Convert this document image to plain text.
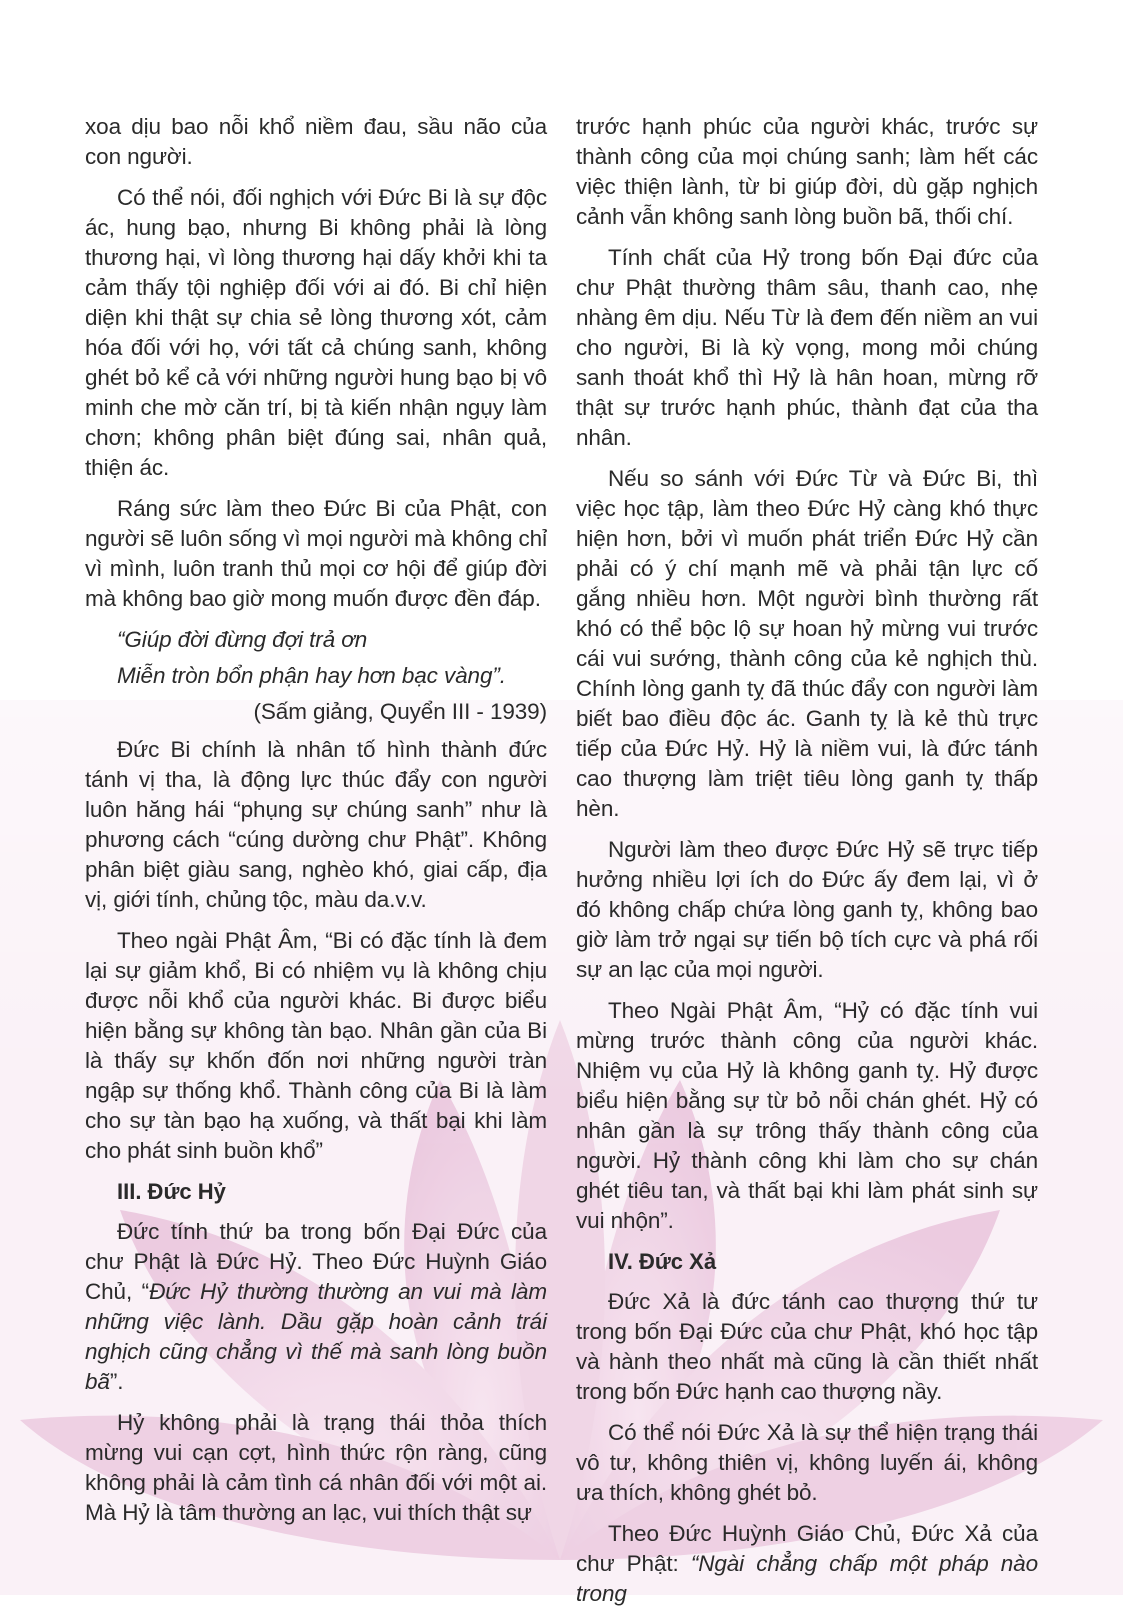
xoa dịu bao nỗi khổ niềm đau, sầu não của con người.

Có thể nói, đối nghịch với Đức Bi là sự độc ác, hung bạo, nhưng Bi không phải là lòng thương hại, vì lòng thương hại dấy khởi khi ta cảm thấy tội nghiệp đối với ai đó. Bi chỉ hiện diện khi thật sự chia sẻ lòng thương xót, cảm hóa đối với họ, với tất cả chúng sanh, không ghét bỏ kể cả với những người hung bạo bị vô minh che mờ căn trí, bị tà kiến nhận ngụy làm chơn; không phân biệt đúng sai, nhân quả, thiện ác.

Ráng sức làm theo Đức Bi của Phật, con người sẽ luôn sống vì mọi người mà không chỉ vì mình, luôn tranh thủ mọi cơ hội để giúp đời mà không bao giờ mong muốn được đền đáp.

“Giúp đời đừng đợi trả ơn

Miễn tròn bổn phận hay hơn bạc vàng”.

(Sấm giảng, Quyển III - 1939)

Đức Bi chính là nhân tố hình thành đức tánh vị tha, là động lực thúc đẩy con người luôn hăng hái “phụng sự chúng sanh” như là phương cách “cúng dường chư Phật”. Không phân biệt giàu sang, nghèo khó, giai cấp, địa vị, giới tính, chủng tộc, màu da.v.v.

Theo ngài Phật Âm, “Bi có đặc tính là đem lại sự giảm khổ, Bi có nhiệm vụ là không chịu được nỗi khổ của người khác. Bi được biểu hiện bằng sự không tàn bạo. Nhân gần của Bi là thấy sự khốn đốn nơi những người tràn ngập sự thống khổ. Thành công của Bi là làm cho sự tàn bạo hạ xuống, và thất bại khi làm cho phát sinh buồn khổ”

III. Đức Hỷ

Đức tính thứ ba trong bốn Đại Đức của chư Phật là Đức Hỷ. Theo Đức Huỳnh Giáo Chủ, “Đức Hỷ thường thường an vui mà làm những việc lành. Dầu gặp hoàn cảnh trái nghịch cũng chẳng vì thế mà sanh lòng buồn bã”.

Hỷ không phải là trạng thái thỏa thích mừng vui cạn cợt, hình thức rộn ràng, cũng không phải là cảm tình cá nhân đối với một ai. Mà Hỷ là tâm thường an lạc, vui thích thật sự

trước hạnh phúc của người khác, trước sự thành công của mọi chúng sanh; làm hết các việc thiện lành, từ bi giúp đời, dù gặp nghịch cảnh vẫn không sanh lòng buồn bã, thối chí.

Tính chất của Hỷ trong bốn Đại đức của chư Phật thường thâm sâu, thanh cao, nhẹ nhàng êm dịu. Nếu Từ là đem đến niềm an vui cho người, Bi là kỳ vọng, mong mỏi chúng sanh thoát khổ thì Hỷ là hân hoan, mừng rỡ thật sự trước hạnh phúc, thành đạt của tha nhân.

Nếu so sánh với Đức Từ và Đức Bi, thì việc học tập, làm theo Đức Hỷ càng khó thực hiện hơn, bởi vì muốn phát triển Đức Hỷ cần phải có ý chí mạnh mẽ và phải tận lực cố gắng nhiều hơn. Một người bình thường rất khó có thể bộc lộ sự hoan hỷ mừng vui trước cái vui sướng, thành công của kẻ nghịch thù. Chính lòng ganh tỵ đã thúc đẩy con người làm biết bao điều độc ác. Ganh tỵ là kẻ thù trực tiếp của Đức Hỷ. Hỷ là niềm vui, là đức tánh cao thượng làm triệt tiêu lòng ganh tỵ thấp hèn.

Người làm theo được Đức Hỷ sẽ trực tiếp hưởng nhiều lợi ích do Đức ấy đem lại, vì ở đó không chấp chứa lòng ganh tỵ, không bao giờ làm trở ngại sự tiến bộ tích cực và phá rối sự an lạc của mọi người.

Theo Ngài Phật Âm, “Hỷ có đặc tính vui mừng trước thành công của người khác. Nhiệm vụ của Hỷ là không ganh tỵ. Hỷ được biểu hiện bằng sự từ bỏ nỗi chán ghét. Hỷ có nhân gần là sự trông thấy thành công của người. Hỷ thành công khi làm cho sự chán ghét tiêu tan, và thất bại khi làm phát sinh sự vui nhộn”.

IV. Đức Xả

Đức Xả là đức tánh cao thượng thứ tư trong bốn Đại Đức của chư Phật, khó học tập và hành theo nhất mà cũng là cần thiết nhất trong bốn Đức hạnh cao thượng nầy.

Có thể nói Đức Xả là sự thể hiện trạng thái vô tư, không thiên vị, không luyến ái, không ưa thích, không ghét bỏ.

Theo Đức Huỳnh Giáo Chủ, Đức Xả của chư Phật: “Ngài chẳng chấp một pháp nào trong
